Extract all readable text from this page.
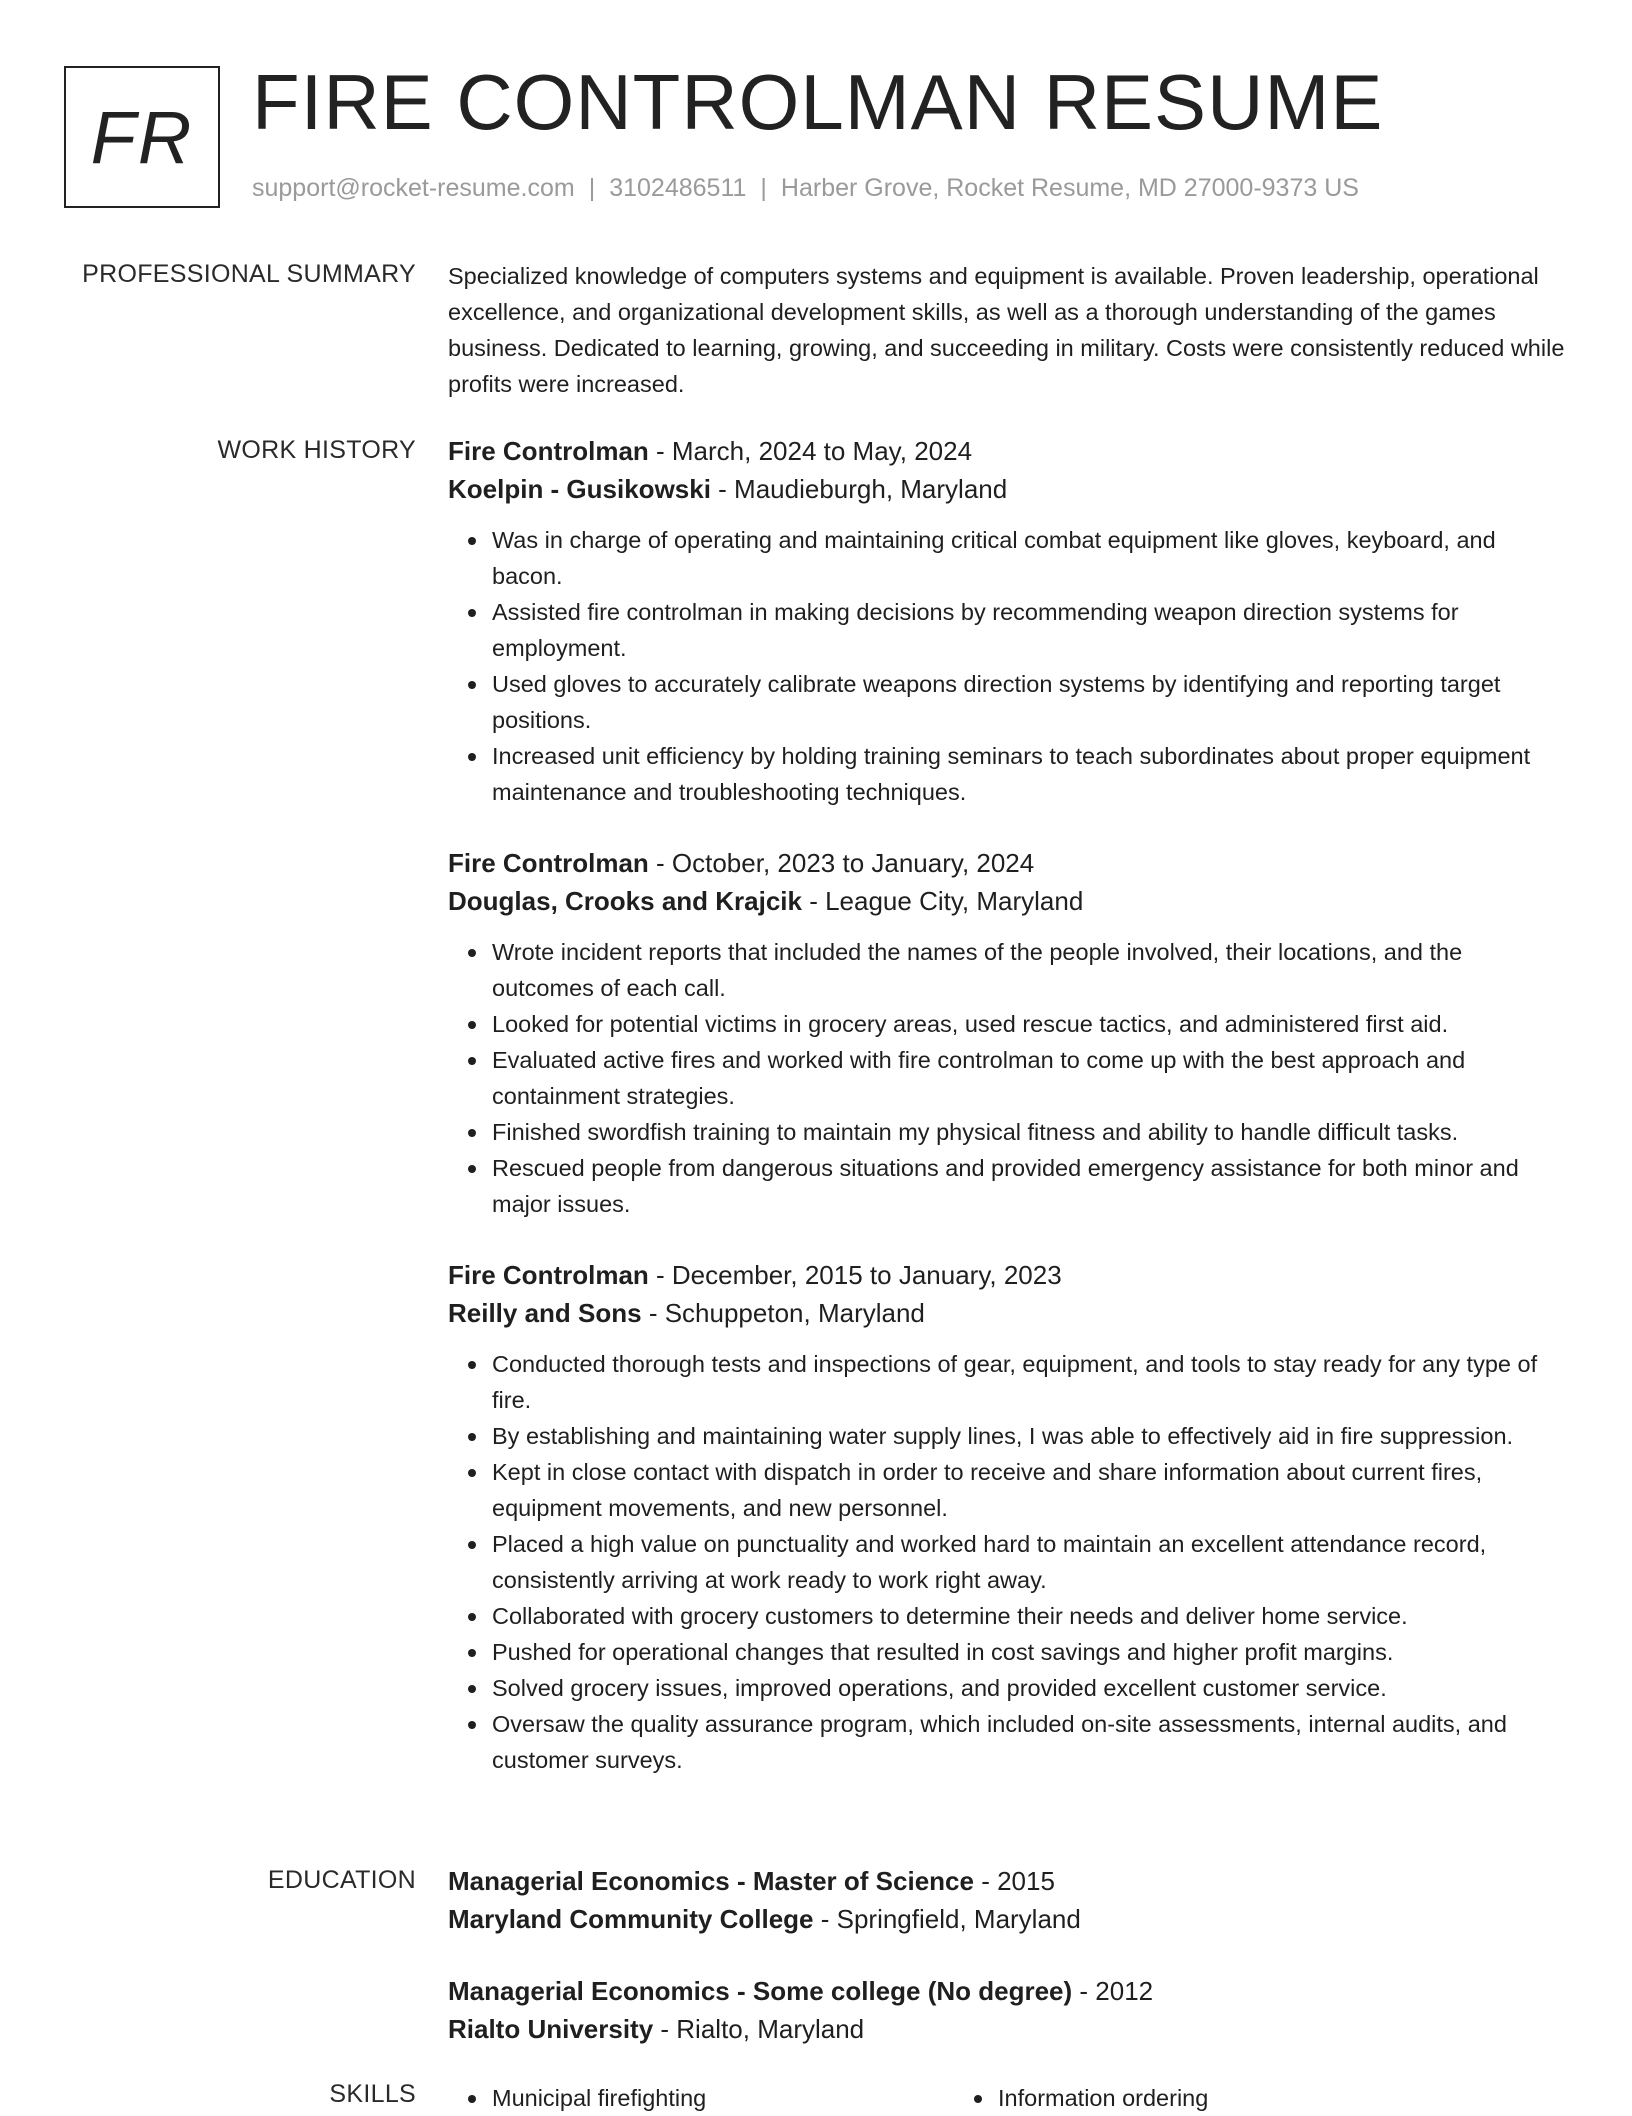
FR FIRE CONTROLMAN RESUME
support@rocket-resume.com | 3102486511 | Harber Grove, Rocket Resume, MD 27000-9373 US
PROFESSIONAL SUMMARY Specialized knowledge of computers systems and equipment is available. Proven leadership, operational excellence, and organizational development skills, as well as a thorough understanding of the games business. Dedicated to learning, growing, and succeeding in military. Costs were consistently reduced while profits were increased.
WORK HISTORY Fire Controlman - March, 2024 to May, 2024
Koelpin - Gusikowski - Maudieburgh, Maryland
Was in charge of operating and maintaining critical combat equipment like gloves, keyboard, and bacon.
Assisted fire controlman in making decisions by recommending weapon direction systems for employment.
Used gloves to accurately calibrate weapons direction systems by identifying and reporting target positions.
Increased unit efficiency by holding training seminars to teach subordinates about proper equipment maintenance and troubleshooting techniques.
Fire Controlman - October, 2023 to January, 2024
Douglas, Crooks and Krajcik - League City, Maryland
Wrote incident reports that included the names of the people involved, their locations, and the outcomes of each call.
Looked for potential victims in grocery areas, used rescue tactics, and administered first aid.
Evaluated active fires and worked with fire controlman to come up with the best approach and containment strategies.
Finished swordfish training to maintain my physical fitness and ability to handle difficult tasks.
Rescued people from dangerous situations and provided emergency assistance for both minor and major issues.
Fire Controlman - December, 2015 to January, 2023
Reilly and Sons - Schuppeton, Maryland
Conducted thorough tests and inspections of gear, equipment, and tools to stay ready for any type of fire.
By establishing and maintaining water supply lines, I was able to effectively aid in fire suppression.
Kept in close contact with dispatch in order to receive and share information about current fires, equipment movements, and new personnel.
Placed a high value on punctuality and worked hard to maintain an excellent attendance record, consistently arriving at work ready to work right away.
Collaborated with grocery customers to determine their needs and deliver home service.
Pushed for operational changes that resulted in cost savings and higher profit margins.
Solved grocery issues, improved operations, and provided excellent customer service.
Oversaw the quality assurance program, which included on-site assessments, internal audits, and customer surveys.
EDUCATION Managerial Economics - Master of Science - 2015
Maryland Community College - Springfield, Maryland
Managerial Economics - Some college (No degree) - 2012
Rialto University - Rialto, Maryland
SKILLS	Municipal firefighting	Information ordering
